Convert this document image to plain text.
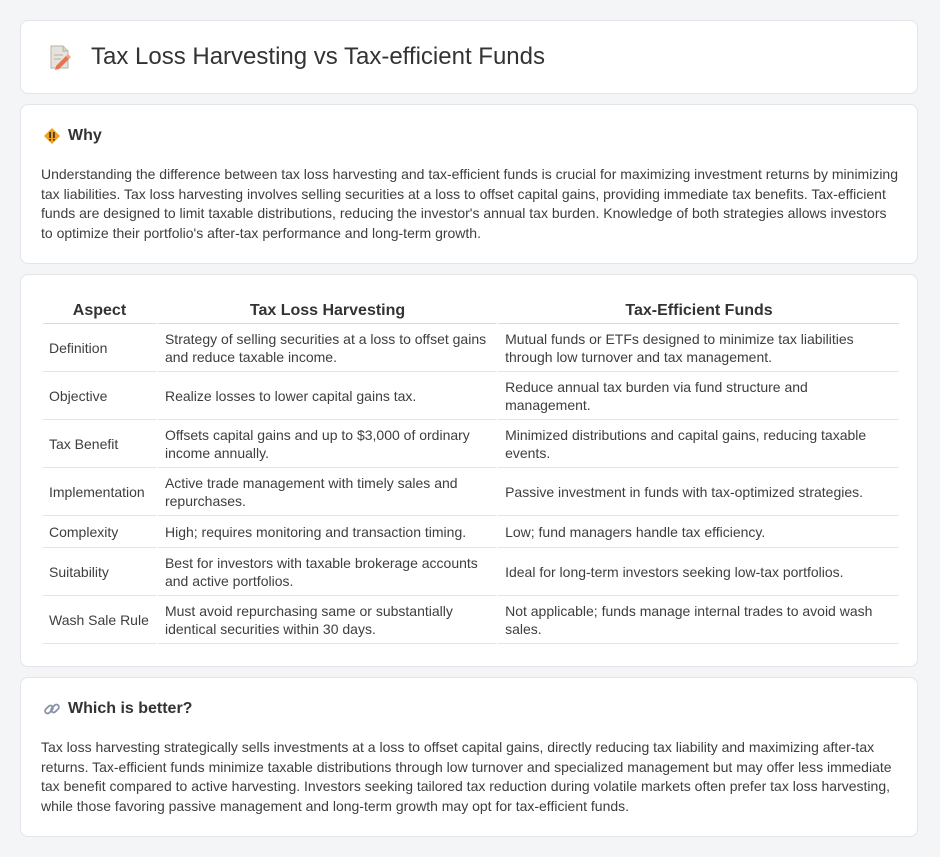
Tax Loss Harvesting vs Tax-efficient Funds
Why

Understanding the difference between tax loss harvesting and tax-efficient funds is crucial for maximizing investment returns by minimizing tax liabilities. Tax loss harvesting involves selling securities at a loss to offset capital gains, providing immediate tax benefits. Tax-efficient funds are designed to limit taxable distributions, reducing the investor's annual tax burden. Knowledge of both strategies allows investors to optimize their portfolio's after-tax performance and long-term growth.

Aspect	Tax Loss Harvesting	Tax-Efficient Funds
Definition	Strategy of selling securities at a loss to offset gains and reduce taxable income.	Mutual funds or ETFs designed to minimize tax liabilities through low turnover and tax management.
Objective	Realize losses to lower capital gains tax.	Reduce annual tax burden via fund structure and management.
Tax Benefit	Offsets capital gains and up to $3,000 of ordinary income annually.	Minimized distributions and capital gains, reducing taxable events.
Implementation	Active trade management with timely sales and repurchases.	Passive investment in funds with tax-optimized strategies.
Complexity	High; requires monitoring and transaction timing.	Low; fund managers handle tax efficiency.
Suitability	Best for investors with taxable brokerage accounts and active portfolios.	Ideal for long-term investors seeking low-tax portfolios.
Wash Sale Rule	Must avoid repurchasing same or substantially identical securities within 30 days.	Not applicable; funds manage internal trades to avoid wash sales.
Which is better?

Tax loss harvesting strategically sells investments at a loss to offset capital gains, directly reducing tax liability and maximizing after-tax returns. Tax-efficient funds minimize taxable distributions through low turnover and specialized management but may offer less immediate tax benefit compared to active harvesting. Investors seeking tailored tax reduction during volatile markets often prefer tax loss harvesting, while those favoring passive management and long-term growth may opt for tax-efficient funds.
